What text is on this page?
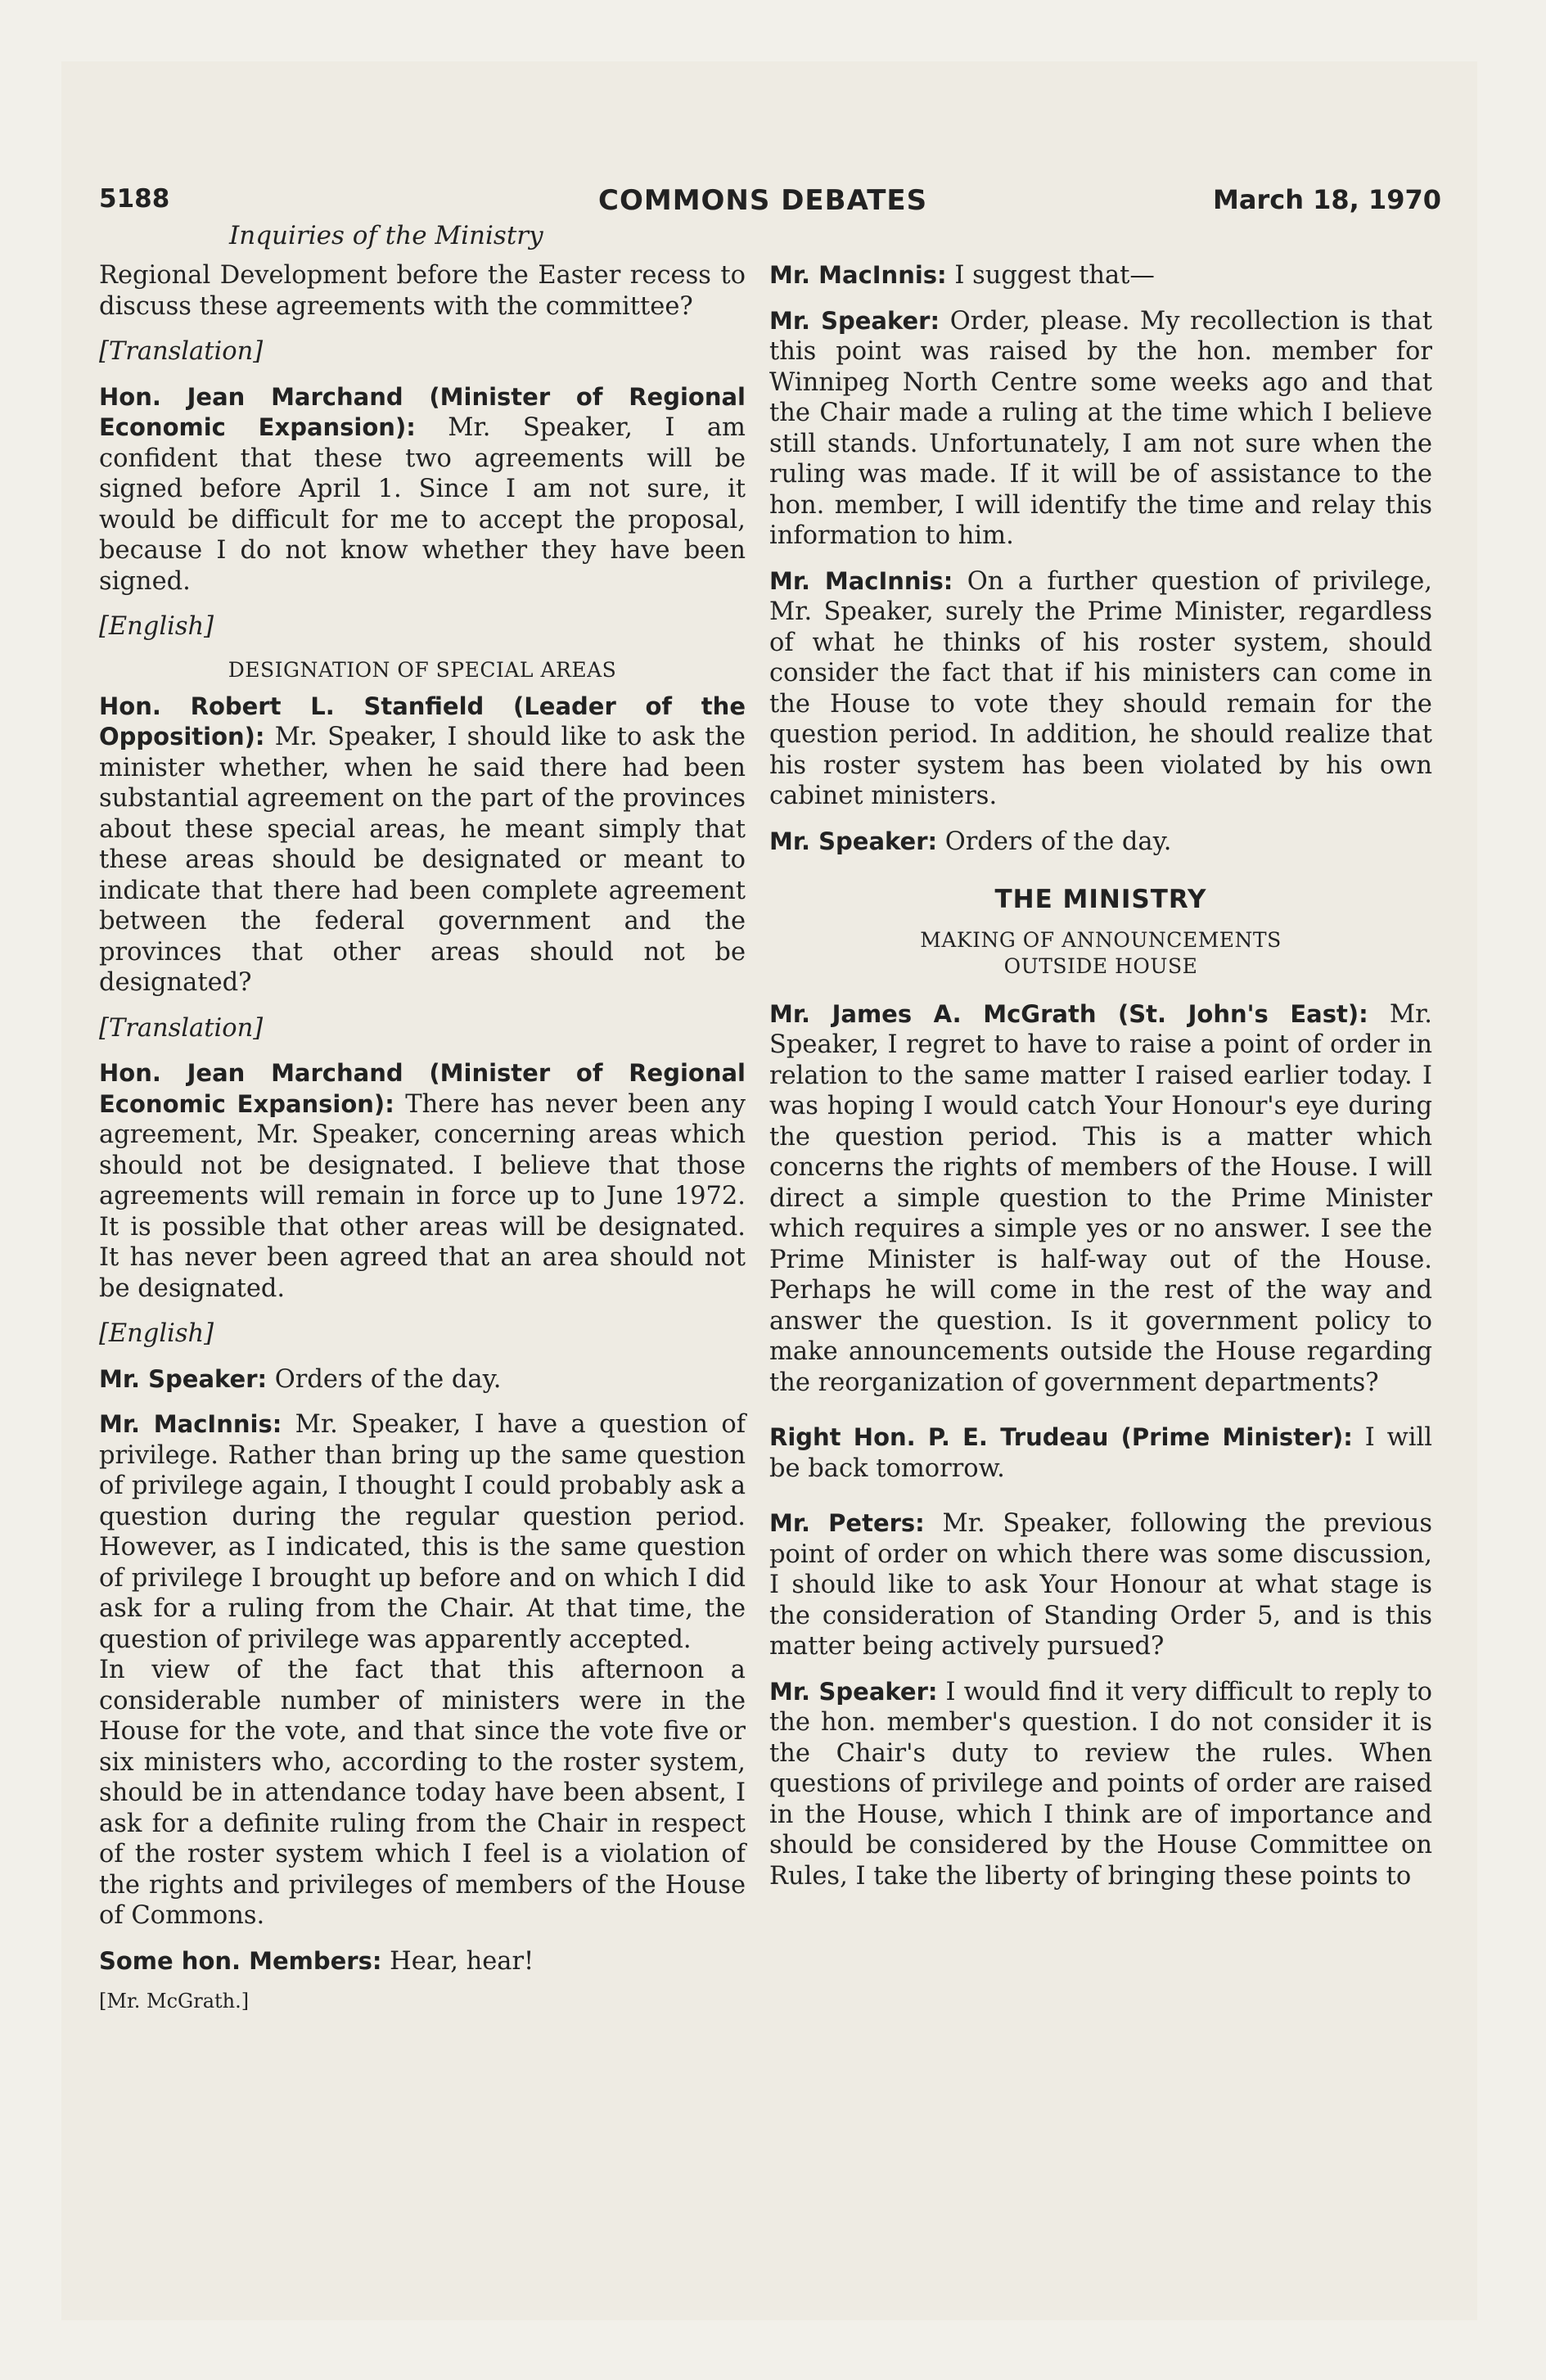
5188	COMMONS DEBATES	March 18, 1970
Inquiries of the Ministry

Regional Development before the Easter recess to discuss these agreements with the committee?

[Translation]

Hon. Jean Marchand (Minister of Regional Economic Expansion): Mr. Speaker, I am confident that these two agreements will be signed before April 1. Since I am not sure, it would be difficult for me to accept the proposal, because I do not know whether they have been signed.

[English]
DESIGNATION OF SPECIAL AREAS

Hon. Robert L. Stanfield (Leader of the Opposition): Mr. Speaker, I should like to ask the minister whether, when he said there had been substantial agreement on the part of the provinces about these special areas, he meant simply that these areas should be designated or meant to indicate that there had been complete agreement between the federal government and the provinces that other areas should not be designated?

[Translation]

Hon. Jean Marchand (Minister of Regional Economic Expansion): There has never been any agreement, Mr. Speaker, concerning areas which should not be designated. I believe that those agreements will remain in force up to June 1972. It is possible that other areas will be designated. It has never been agreed that an area should not be designated.

[English]

Mr. Speaker: Orders of the day.

Mr. MacInnis: Mr. Speaker, I have a question of privilege. Rather than bring up the same question of privilege again, I thought I could probably ask a question during the regular question period. However, as I indicated, this is the same question of privilege I brought up before and on which I did ask for a ruling from the Chair. At that time, the question of privilege was apparently accepted.

In view of the fact that this afternoon a considerable number of ministers were in the House for the vote, and that since the vote five or six ministers who, according to the roster system, should be in attendance today have been absent, I ask for a definite ruling from the Chair in respect of the roster system which I feel is a violation of the rights and privileges of members of the House of Commons.

Some hon. Members: Hear, hear!

[Mr. McGrath.]

Mr. MacInnis: I suggest that—

Mr. Speaker: Order, please. My recollection is that this point was raised by the hon. member for Winnipeg North Centre some weeks ago and that the Chair made a ruling at the time which I believe still stands. Unfortunately, I am not sure when the ruling was made. If it will be of assistance to the hon. member, I will identify the time and relay this information to him.

Mr. MacInnis: On a further question of privilege, Mr. Speaker, surely the Prime Minister, regardless of what he thinks of his roster system, should consider the fact that if his ministers can come in the House to vote they should remain for the question period. In addition, he should realize that his roster system has been violated by his own cabinet ministers.

Mr. Speaker: Orders of the day.

THE MINISTRY
MAKING OF ANNOUNCEMENTS OUTSIDE HOUSE

Mr. James A. McGrath (St. John's East): Mr. Speaker, I regret to have to raise a point of order in relation to the same matter I raised earlier today. I was hoping I would catch Your Honour's eye during the question period. This is a matter which concerns the rights of members of the House. I will direct a simple question to the Prime Minister which requires a simple yes or no answer. I see the Prime Minister is half-way out of the House. Perhaps he will come in the rest of the way and answer the question. Is it government policy to make announcements outside the House regarding the reorganization of government departments?

Right Hon. P. E. Trudeau (Prime Minister): I will be back tomorrow.

Mr. Peters: Mr. Speaker, following the previous point of order on which there was some discussion, I should like to ask Your Honour at what stage is the consideration of Standing Order 5, and is this matter being actively pursued?

Mr. Speaker: I would find it very difficult to reply to the hon. member's question. I do not consider it is the Chair's duty to review the rules. When questions of privilege and points of order are raised in the House, which I think are of importance and should be considered by the House Committee on Rules, I take the liberty of bringing these points to
